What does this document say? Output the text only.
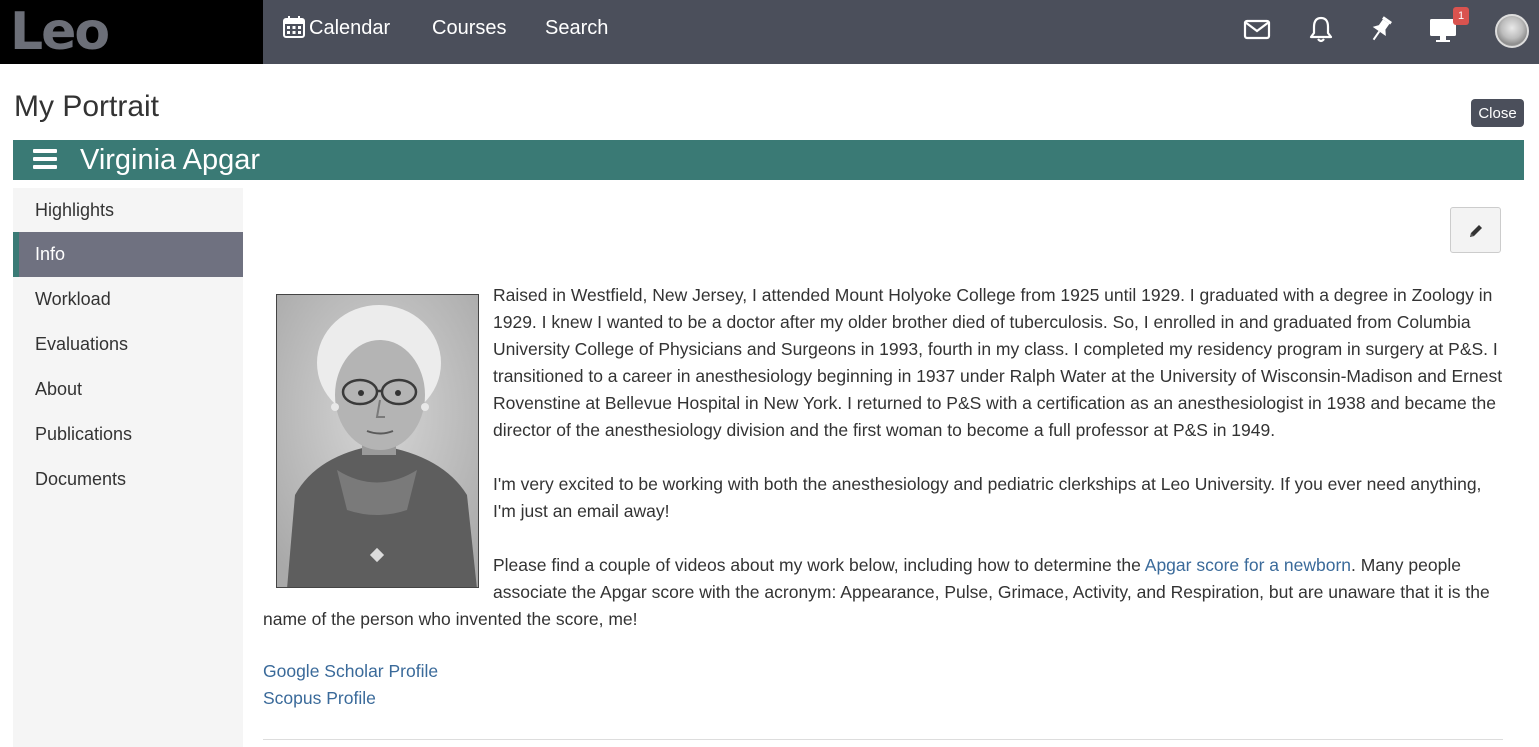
Leo	Calendar Courses Search
1
My Portrait	Close
Virginia Apgar
Highlights
Info
Workload
Evaluations
About
Publications
Documents

Raised in Westfield, New Jersey, I attended Mount Holyoke College from 1925 until 1929. I graduated with a degree in Zoology in 1929. I knew I wanted to be a doctor after my older brother died of tuberculosis. So, I enrolled in and graduated from Columbia University College of Physicians and Surgeons in 1993, fourth in my class. I completed my residency program in surgery at P&S. I transitioned to a career in anesthesiology beginning in 1937 under Ralph Water at the University of Wisconsin-Madison and Ernest Rovenstine at Bellevue Hospital in New York. I returned to P&S with a certification as an anesthesiologist in 1938 and became the director of the anesthesiology division and the first woman to become a full professor at P&S in 1949.

I'm very excited to be working with both the anesthesiology and pediatric clerkships at Leo University. If you ever need anything, I'm just an email away!

Please find a couple of videos about my work below, including how to determine the Apgar score for a newborn. Many people associate the Apgar score with the acronym: Appearance, Pulse, Grimace, Activity, and Respiration, but are unaware that it is the name of the person who invented the score, me!

Google Scholar Profile
Scopus Profile
